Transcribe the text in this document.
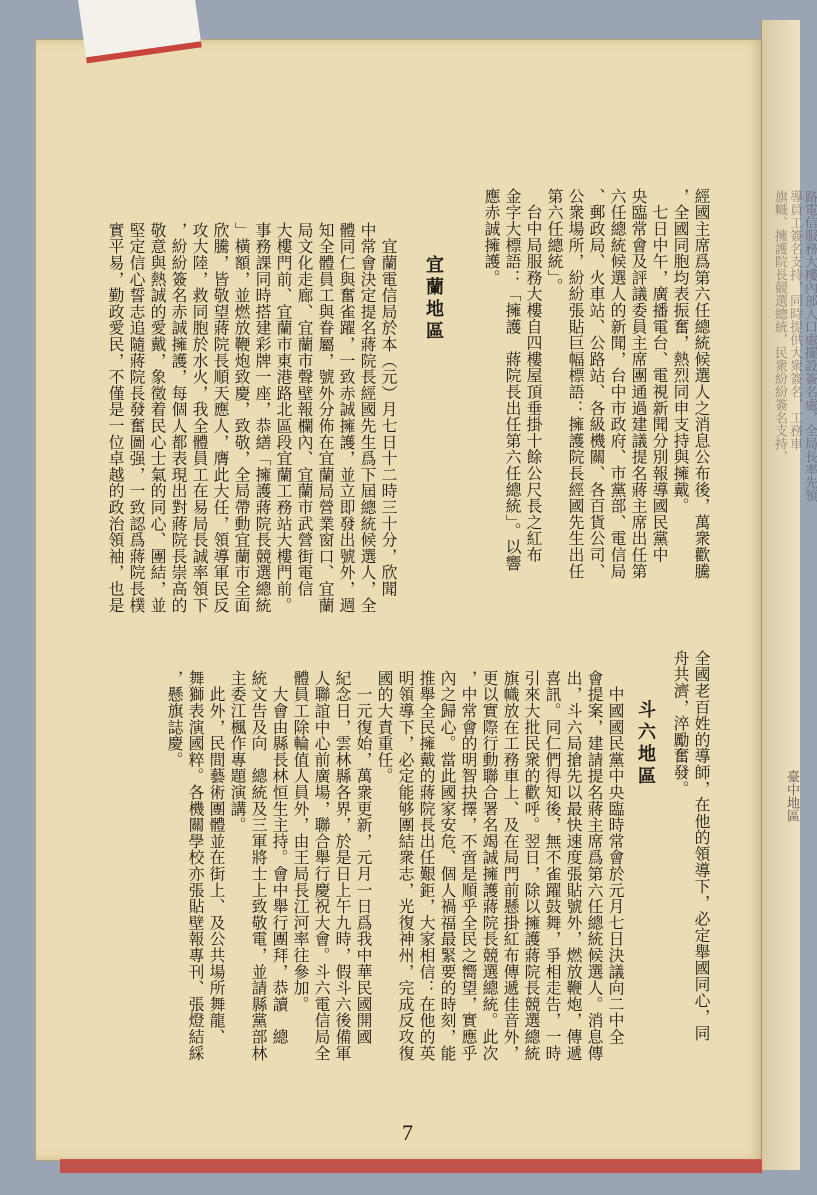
路電信服務大樓內部入口處擺設簽名處，全局長率先領
導員工簽名支持，同時提供大衆簽名，工務車
旗幟、擁護院長競選總統，民衆紛紛簽名支持，
臺中地區
經國主席爲第六任總統候選人之消息公布後，萬衆歡騰
，全國同胞均表振奮，熱烈同申支持與擁戴。
　七日中午，廣播電台、電視新聞分別報導國民黨中
央臨常會及評議委員主席團通過建議提名蔣主席出任第
六任總統候選人的新聞，台中市政府、市黨部、電信局
、郵政局、火車站、公路站、各級機關、各百貨公司、
公衆場所，紛紛張貼巨幅標語：擁護院長經國先生出任
第六任總統」。
　台中局服務大樓自四樓屋頂垂掛十餘公尺長之紅布
金字大標語：「擁護　蔣院長出任第六任總統」。以響
應赤誠擁護。
宜蘭地區
　宜蘭電信局於本（元）月七日十二時三十分，欣聞
中常會決定提名蔣院長經國先生爲下屆總統候選人，全
體同仁與奮雀躍，一致赤誠擁護，並立即發出號外，週
知全體員工與眷屬，號外分佈在宜蘭局營業窗口、宜蘭
局文化走廊、宜蘭市聲壁報欄內、宜蘭市武營街電信
大樓門前、宜蘭市東港路北區段宜蘭工務站大樓門前。
事務課同時搭建彩牌一座，恭繕「擁護蔣院長競選總統
」橫額，並燃放鞭炮致慶，致敬，全局帶動宜蘭市全面
欣騰，皆敬望蔣院長順天應人，膺此大任，領導軍民反
攻大陸，救同胞於水火，我全體員工在易局長誠率領下
，紛紛簽名赤誠擁護，每個人都表現出對蔣院長崇高的
敬意與熱誠的愛戴，象徵着民心士氣的同心、團結，並
堅定信心誓志追隨蔣院長發奮圖强，一致認爲蔣院長樸
實平易，勤政愛民，不僅是一位卓越的政治領袖，也是
全國老百姓的導師，在他的領導下，必定舉國同心，同
舟共濟，淬勵奮發。
斗六地區
　中國國民黨中央臨時常會於元月七日決議向二中全
會提案，建請提名蔣主席爲第六任總統候選人。消息傳
出，斗六局搶先以最快速度張貼號外，燃放鞭炮，傳遞
喜訊。同仁們得知後，無不雀躍鼓舞，爭相走告，一時
引來大批民衆的歡呼。翌日，除以擁護蔣院長競選總統
旗幟放在工務車上、及在局門前懸掛紅布傳遞佳音外，
更以實際行動聯合署名竭誠擁護蔣院長競選總統。此次
，中常會的明智抉擇，不啻是順乎全民之嚮望，實應乎
內之歸心。當此國家安危、個人禍福最緊要的時刻，能
推舉全民擁戴的蔣院長出任艱鉅，大家相信：在他的英
明領導下，必定能够團結衆志，光復神州，完成反攻復
國的大責重任。
　一元復始，萬衆更新，元月一日爲我中華民國開國
紀念日，雲林縣各界，於是日上午九時，假斗六後備軍
人聯誼中心前廣場，聯合舉行慶祝大會。斗六電信局全
體員工除輪值人員外，由王局長江河率往參加。
　大會由縣長林恒生主持。會中舉行團拜，恭讀　總
統文告及向　總統及三軍將士上致敬電，並請縣黨部林
主委江楓作專題演講。
　此外，民間藝術團體並在街上、及公共場所舞龍、
舞獅表演國粹。各機關學校亦張貼壁報專刊、張燈結綵
，懸旗誌慶。
7
